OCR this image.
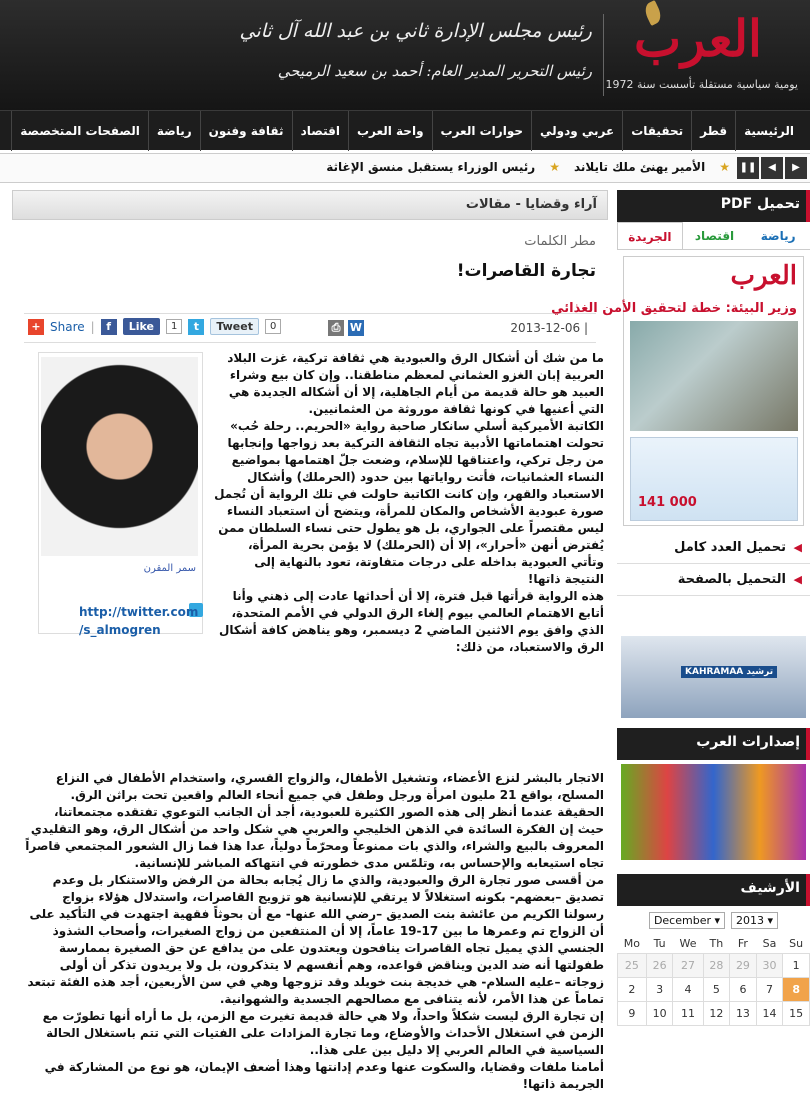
العرب
يومية سياسية مستقلة تأسست سنة 1972
رئيس مجلس الإدارة ثاني بن عبد الله آل ثاني
رئيس التحرير المدير العام: أحمد بن سعيد الرميحي
الرئيسية
قطر
تحقيقات
عربي ودولي
حوارات العرب
واحة العرب
اقتصاد
ثقافة وفنون
رياضة
الصفحات المتخصصة
❚❚	◀	▶
★
الأمير يهنئ ملك تايلاند
★
رئيس الوزراء يستقبل منسق الإغاثة
آراء وقضايا - مقالات
مطر الكلمات
تجارة القاصرات!
2013-12-06 |
⎙ W
+ Share |	f	Like	1	t	Tweet	0
سمر المقرن
http://twitter.com
/s_almogren

ما من شك أن أشكال الرق والعبودية هي ثقافة تركية، غزت البلاد العربية إبان الغزو العثماني لمعظم مناطقنا.. وإن كان بيع وشراء العبيد هو حالة قديمة من أيام الجاهلية، إلا أن أشكاله الجديدة هي التي أعنيها في كونها ثقافة موروثة من العثمانيين.

الكاتبة الأميركية أسلي سانكار صاحبة رواية «الحريم.. رحلة حُب» تحولت اهتماماتها الأدبية تجاه الثقافة التركية بعد زواجها وإنجابها من رجل تركي، واعتناقها للإسلام، وضعت جلّ اهتمامها بمواضيع النساء العثمانيات، فأتت رواياتها بين حدود (الحرملك) وأشكال الاستعباد والقهر، وإن كانت الكاتبة حاولت في تلك الرواية أن تُجمل صورة عبودية الأشخاص والمكان للمرأة، ويتضح أن استعباد النساء ليس مقتصراً على الجواري، بل هو يطول حتى نساء السلطان ممن يُفترض أنهن «أحرار»، إلا أن (الحرملك) لا يؤمن بحرية المرأة، وتأتي العبودية بداخله على درجات متفاوتة، تعود بالنهاية إلى النتيجة ذاتها!

هذه الرواية قرأتها قبل فترة، إلا أن أحداثها عادت إلى ذهني وأنا أتابع الاهتمام العالمي بيوم إلغاء الرق الدولي في الأمم المتحدة، الذي وافق يوم الاثنين الماضي 2 ديسمبر، وهو يناهض كافة أشكال الرق والاستعباد، من ذلك:

الاتجار بالبشر لنزع الأعضاء، وتشغيل الأطفال، والزواج القسري، واستخدام الأطفال في النزاع المسلح، بواقع 21 مليون امرأة ورجل وطفل في جميع أنحاء العالم واقعين تحت براثن الرق.

الحقيقة عندما أنظر إلى هذه الصور الكثيرة للعبودية، أجد أن الجانب التوعوي تفتقده مجتمعاتنا، حيث إن الفكرة السائدة في الذهن الخليجي والعربي هي شكل واحد من أشكال الرق، وهو التقليدي المعروف بالبيع والشراء، والذي بات ممنوعاً ومحرّماً دولياً، عدا هذا فما زال الشعور المجتمعي قاصراً تجاه استيعابه والإحساس به، وتلمّس مدى خطورته في انتهاكه المباشر للإنسانية.

من أقسى صور تجارة الرق والعبودية، والذي ما زال يُجابه بحالة من الرفض والاستنكار بل وعدم تصديق –بعضهم- بكونه استغلالاً لا يرتقي للإنسانية هو تزويج القاصرات، واستدلال هؤلاء بزواج رسولنا الكريم من عائشة بنت الصديق –رضي الله عنها- مع أن بحوثاً فقهية اجتهدت في التأكيد على أن الزواج تم وعمرها ما بين 17-19 عاماً، إلا أن المنتفعين من زواج الصغيرات، وأصحاب الشذوذ الجنسي الذي يميل تجاه القاصرات ينافحون ويعتدون على من يدافع عن حق الصغيرة بممارسة طفولتها أنه ضد الدين ويناقض قواعده، وهم أنفسهم لا يتذكرون، بل ولا يريدون تذكر أن أولى زوجاته –عليه السلام- هي خديجة بنت خويلد وقد تزوجها وهي في سن الأربعين، أجد هذه الفئة تبتعد تماماً عن هذا الأمر، لأنه يتنافى مع مصالحهم الجسدية والشهوانية.

إن تجارة الرق ليست شكلاً واحداً، ولا هي حالة قديمة تغيرت مع الزمن، بل ما أراه أنها تطورّت مع الزمن في استغلال الأحداث والأوضاع، وما تجارة المزادات على الفتيات التي تتم باستغلال الحالة السياسية في العالم العربي إلا دليل بين على هذا..

أمامنا ملفات وقضايا، والسكوت عنها وعدم إدانتها وهذا أضعف الإيمان، هو نوع من المشاركة في الجريمة ذاتها!

تحميل PDF
رياضة
اقتصاد
الجريدة
العرب
وزير البيئة: خطة لتحقيق الأمن الغذائي
141 000
◀
تحميل العدد كامل
◀
التحميل بالصفحة
KAHRAMAA ترشيد
إصدارات العرب
الأرشيف
December ▾	2013 ▾
Mo	Tu	We	Th	Fr	Sa	Su
25	26	27	28	29	30	1
2	3	4	5	6	7	8
9	10	11	12	13	14	15
